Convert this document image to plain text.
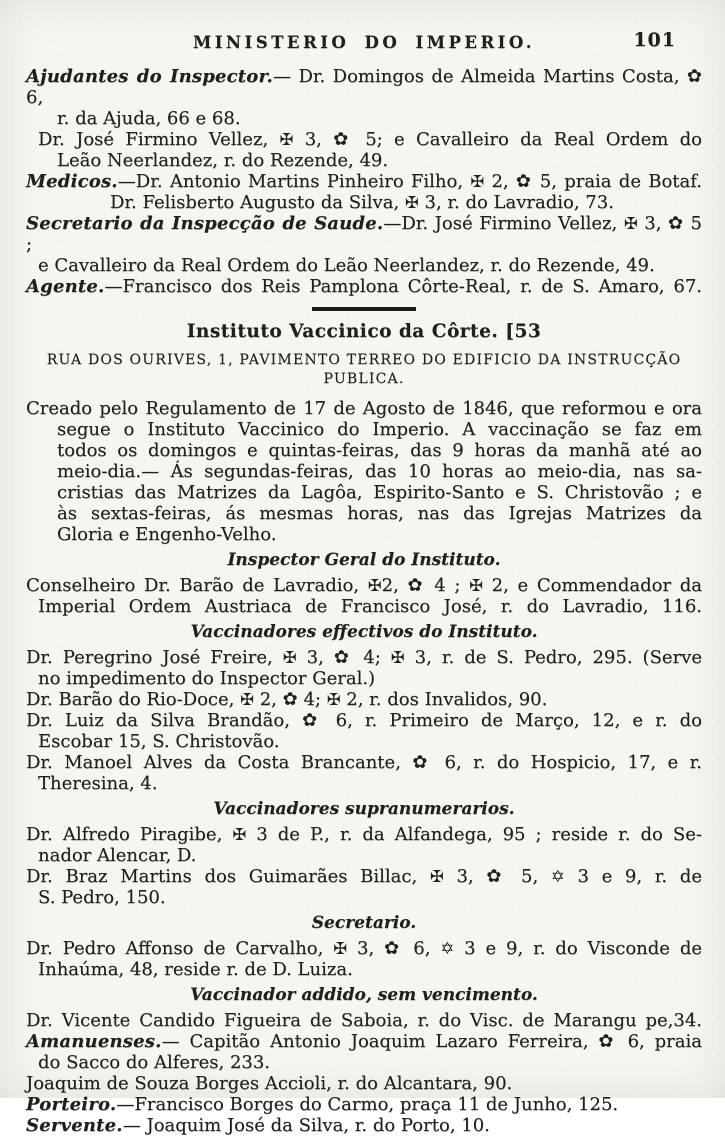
MINISTERIO DO IMPERIO.	101
Ajudantes do Inspector.— Dr. Domingos de Almeida Martins Costa, ✿ 6,
r. da Ajuda, 66 e 68.
Dr. José Firmino Vellez, ✠ 3, ✿ 5; e Cavalleiro da Real Ordem do
Leão Neerlandez, r. do Rezende, 49.
Medicos.—Dr. Antonio Martins Pinheiro Filho, ✠ 2, ✿ 5, praia de Botaf.
Dr. Felisberto Augusto da Silva, ✠ 3, r. do Lavradio, 73.
Secretario da Inspecção de Saude.—Dr. José Firmino Vellez, ✠ 3, ✿ 5 ;
e Cavalleiro da Real Ordem do Leão Neerlandez, r. do Rezende, 49.
Agente.—Francisco dos Reis Pamplona Côrte-Real, r. de S. Amaro, 67.
Instituto Vaccinico da Côrte. [53
RUA DOS OURIVES, 1, PAVIMENTO TERREO DO EDIFICIO DA INSTRUCÇÃO
PUBLICA.
Creado pelo Regulamento de 17 de Agosto de 1846, que reformou e ora
segue o Instituto Vaccinico do Imperio. A vaccinação se faz em
todos os domingos e quintas-feiras, das 9 horas da manhã até ao
meio-dia.— Ás segundas-feiras, das 10 horas ao meio-dia, nas sa-
cristias das Matrizes da Lagôa, Espirito-Santo e S. Christovão ; e
às sextas-feiras, ás mesmas horas, nas das Igrejas Matrizes da
Gloria e Engenho-Velho.
Inspector Geral do Instituto.
Conselheiro Dr. Barão de Lavradio, ✠2, ✿ 4 ; ✠ 2, e Commendador da
Imperial Ordem Austriaca de Francisco José, r. do Lavradio, 116.
Vaccinadores effectivos do Instituto.
Dr. Peregrino José Freire, ✠ 3, ✿ 4; ✠ 3, r. de S. Pedro, 295. (Serve
no impedimento do Inspector Geral.)
Dr. Barão do Rio-Doce, ✠ 2, ✿ 4; ✠ 2, r. dos Invalidos, 90.
Dr. Luiz da Silva Brandão, ✿ 6, r. Primeiro de Março, 12, e r. do
Escobar 15, S. Christovão.
Dr. Manoel Alves da Costa Brancante, ✿ 6, r. do Hospicio, 17, e r.
Theresina, 4.
Vaccinadores supranumerarios.
Dr. Alfredo Piragibe, ✠ 3 de P., r. da Alfandega, 95 ; reside r. do Se-
nador Alencar, D.
Dr. Braz Martins dos Guimarães Billac, ✠ 3, ✿ 5, ✡ 3 e 9, r. de
S. Pedro, 150.
Secretario.
Dr. Pedro Affonso de Carvalho, ✠ 3, ✿ 6, ✡ 3 e 9, r. do Visconde de
Inhaúma, 48, reside r. de D. Luiza.
Vaccinador addido, sem vencimento.
Dr. Vicente Candido Figueira de Saboia, r. do Visc. de Marangu pe,34.
Amanuenses.— Capitão Antonio Joaquim Lazaro Ferreira, ✿ 6, praia
do Sacco do Alferes, 233.
Joaquim de Souza Borges Accioli, r. do Alcantara, 90.
Porteiro.—Francisco Borges do Carmo, praça 11 de Junho, 125.
Servente.— Joaquim José da Silva, r. do Porto, 10.
